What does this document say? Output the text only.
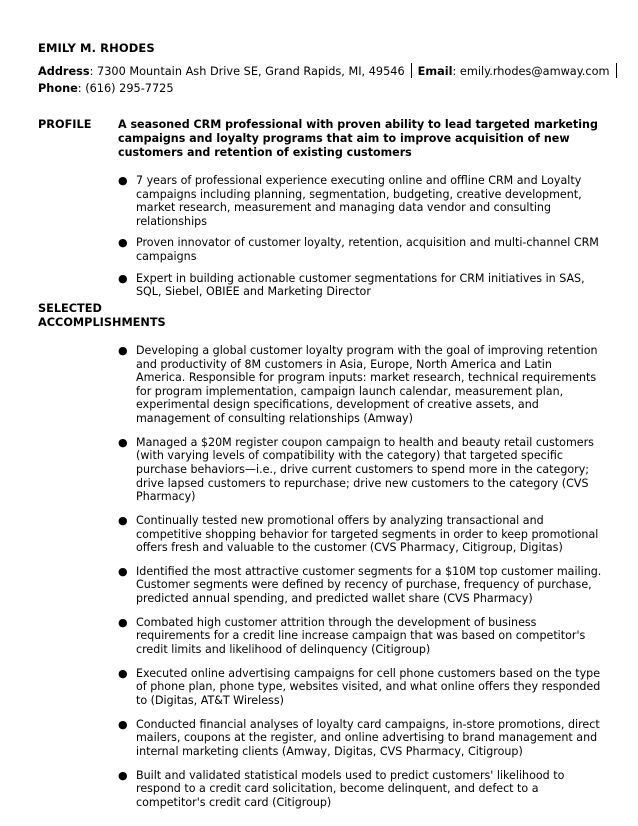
EMILY M. RHODES
Address: 7300 Mountain Ash Drive SE, Grand Rapids, MI, 49546 Email: emily.rhodes@amway.com
Phone: (616) 295-7725
PROFILE A seasoned CRM professional with proven ability to lead targeted marketing campaigns and loyalty programs that aim to improve acquisition of new customers and retention of existing customers
● 7 years of professional experience executing online and offline CRM and Loyalty campaigns including planning, segmentation, budgeting, creative development, market research, measurement and managing data vendor and consulting relationships
● Proven innovator of customer loyalty, retention, acquisition and multi-channel CRM campaigns
● Expert in building actionable customer segmentations for CRM initiatives in SAS, SQL, Siebel, OBIEE and Marketing Director
SELECTED
ACCOMPLISHMENTS
● Developing a global customer loyalty program with the goal of improving retention and productivity of 8M customers in Asia, Europe, North America and Latin America. Responsible for program inputs: market research, technical requirements for program implementation, campaign launch calendar, measurement plan, experimental design specifications, development of creative assets, and management of consulting relationships (Amway)
● Managed a $20M register coupon campaign to health and beauty retail customers (with varying levels of compatibility with the category) that targeted specific purchase behaviors—i.e., drive current customers to spend more in the category; drive lapsed customers to repurchase; drive new customers to the category (CVS Pharmacy)
● Continually tested new promotional offers by analyzing transactional and competitive shopping behavior for targeted segments in order to keep promotional offers fresh and valuable to the customer (CVS Pharmacy, Citigroup, Digitas)
● Identified the most attractive customer segments for a $10M top customer mailing. Customer segments were defined by recency of purchase, frequency of purchase, predicted annual spending, and predicted wallet share (CVS Pharmacy)
● Combated high customer attrition through the development of business requirements for a credit line increase campaign that was based on competitor's credit limits and likelihood of delinquency (Citigroup)
● Executed online advertising campaigns for cell phone customers based on the type of phone plan, phone type, websites visited, and what online offers they responded to (Digitas, AT&T Wireless)
● Conducted financial analyses of loyalty card campaigns, in-store promotions, direct mailers, coupons at the register, and online advertising to brand management and internal marketing clients (Amway, Digitas, CVS Pharmacy, Citigroup)
● Built and validated statistical models used to predict customers' likelihood to respond to a credit card solicitation, become delinquent, and defect to a competitor's credit card (Citigroup)
